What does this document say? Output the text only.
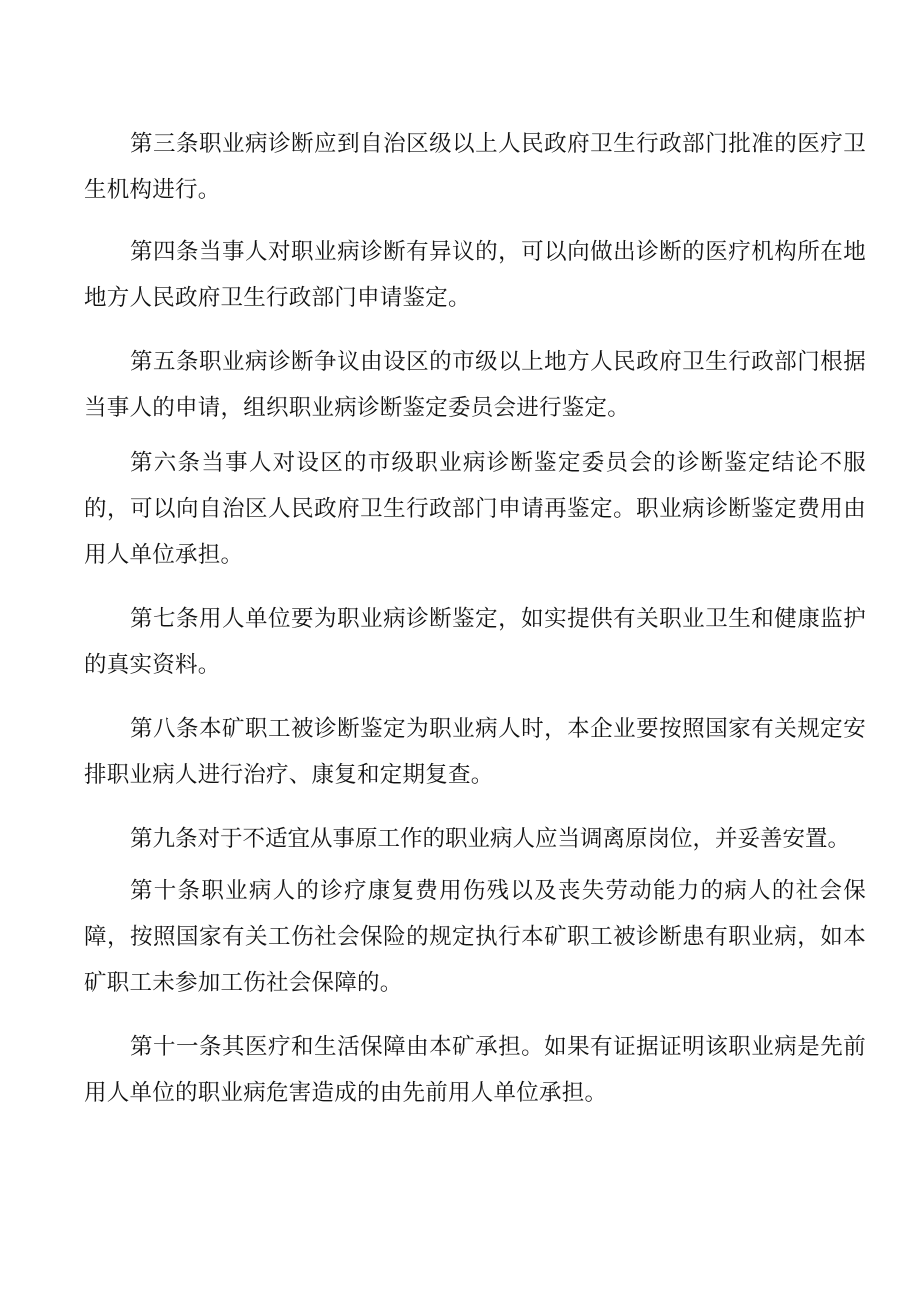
第三条职业病诊断应到自治区级以上人民政府卫生行政部门批准的医疗卫生机构进行。

第四条当事人对职业病诊断有异议的，可以向做出诊断的医疗机构所在地地方人民政府卫生行政部门申请鉴定。

第五条职业病诊断争议由设区的市级以上地方人民政府卫生行政部门根据当事人的申请，组织职业病诊断鉴定委员会进行鉴定。

第六条当事人对设区的市级职业病诊断鉴定委员会的诊断鉴定结论不服的，可以向自治区人民政府卫生行政部门申请再鉴定。职业病诊断鉴定费用由用人单位承担。

第七条用人单位要为职业病诊断鉴定，如实提供有关职业卫生和健康监护的真实资料。

第八条本矿职工被诊断鉴定为职业病人时，本企业要按照国家有关规定安排职业病人进行治疗、康复和定期复查。

第九条对于不适宜从事原工作的职业病人应当调离原岗位，并妥善安置。

第十条职业病人的诊疗康复费用伤残以及丧失劳动能力的病人的社会保障，按照国家有关工伤社会保险的规定执行本矿职工被诊断患有职业病，如本矿职工未参加工伤社会保障的。

第十一条其医疗和生活保障由本矿承担。如果有证据证明该职业病是先前用人单位的职业病危害造成的由先前用人单位承担。
